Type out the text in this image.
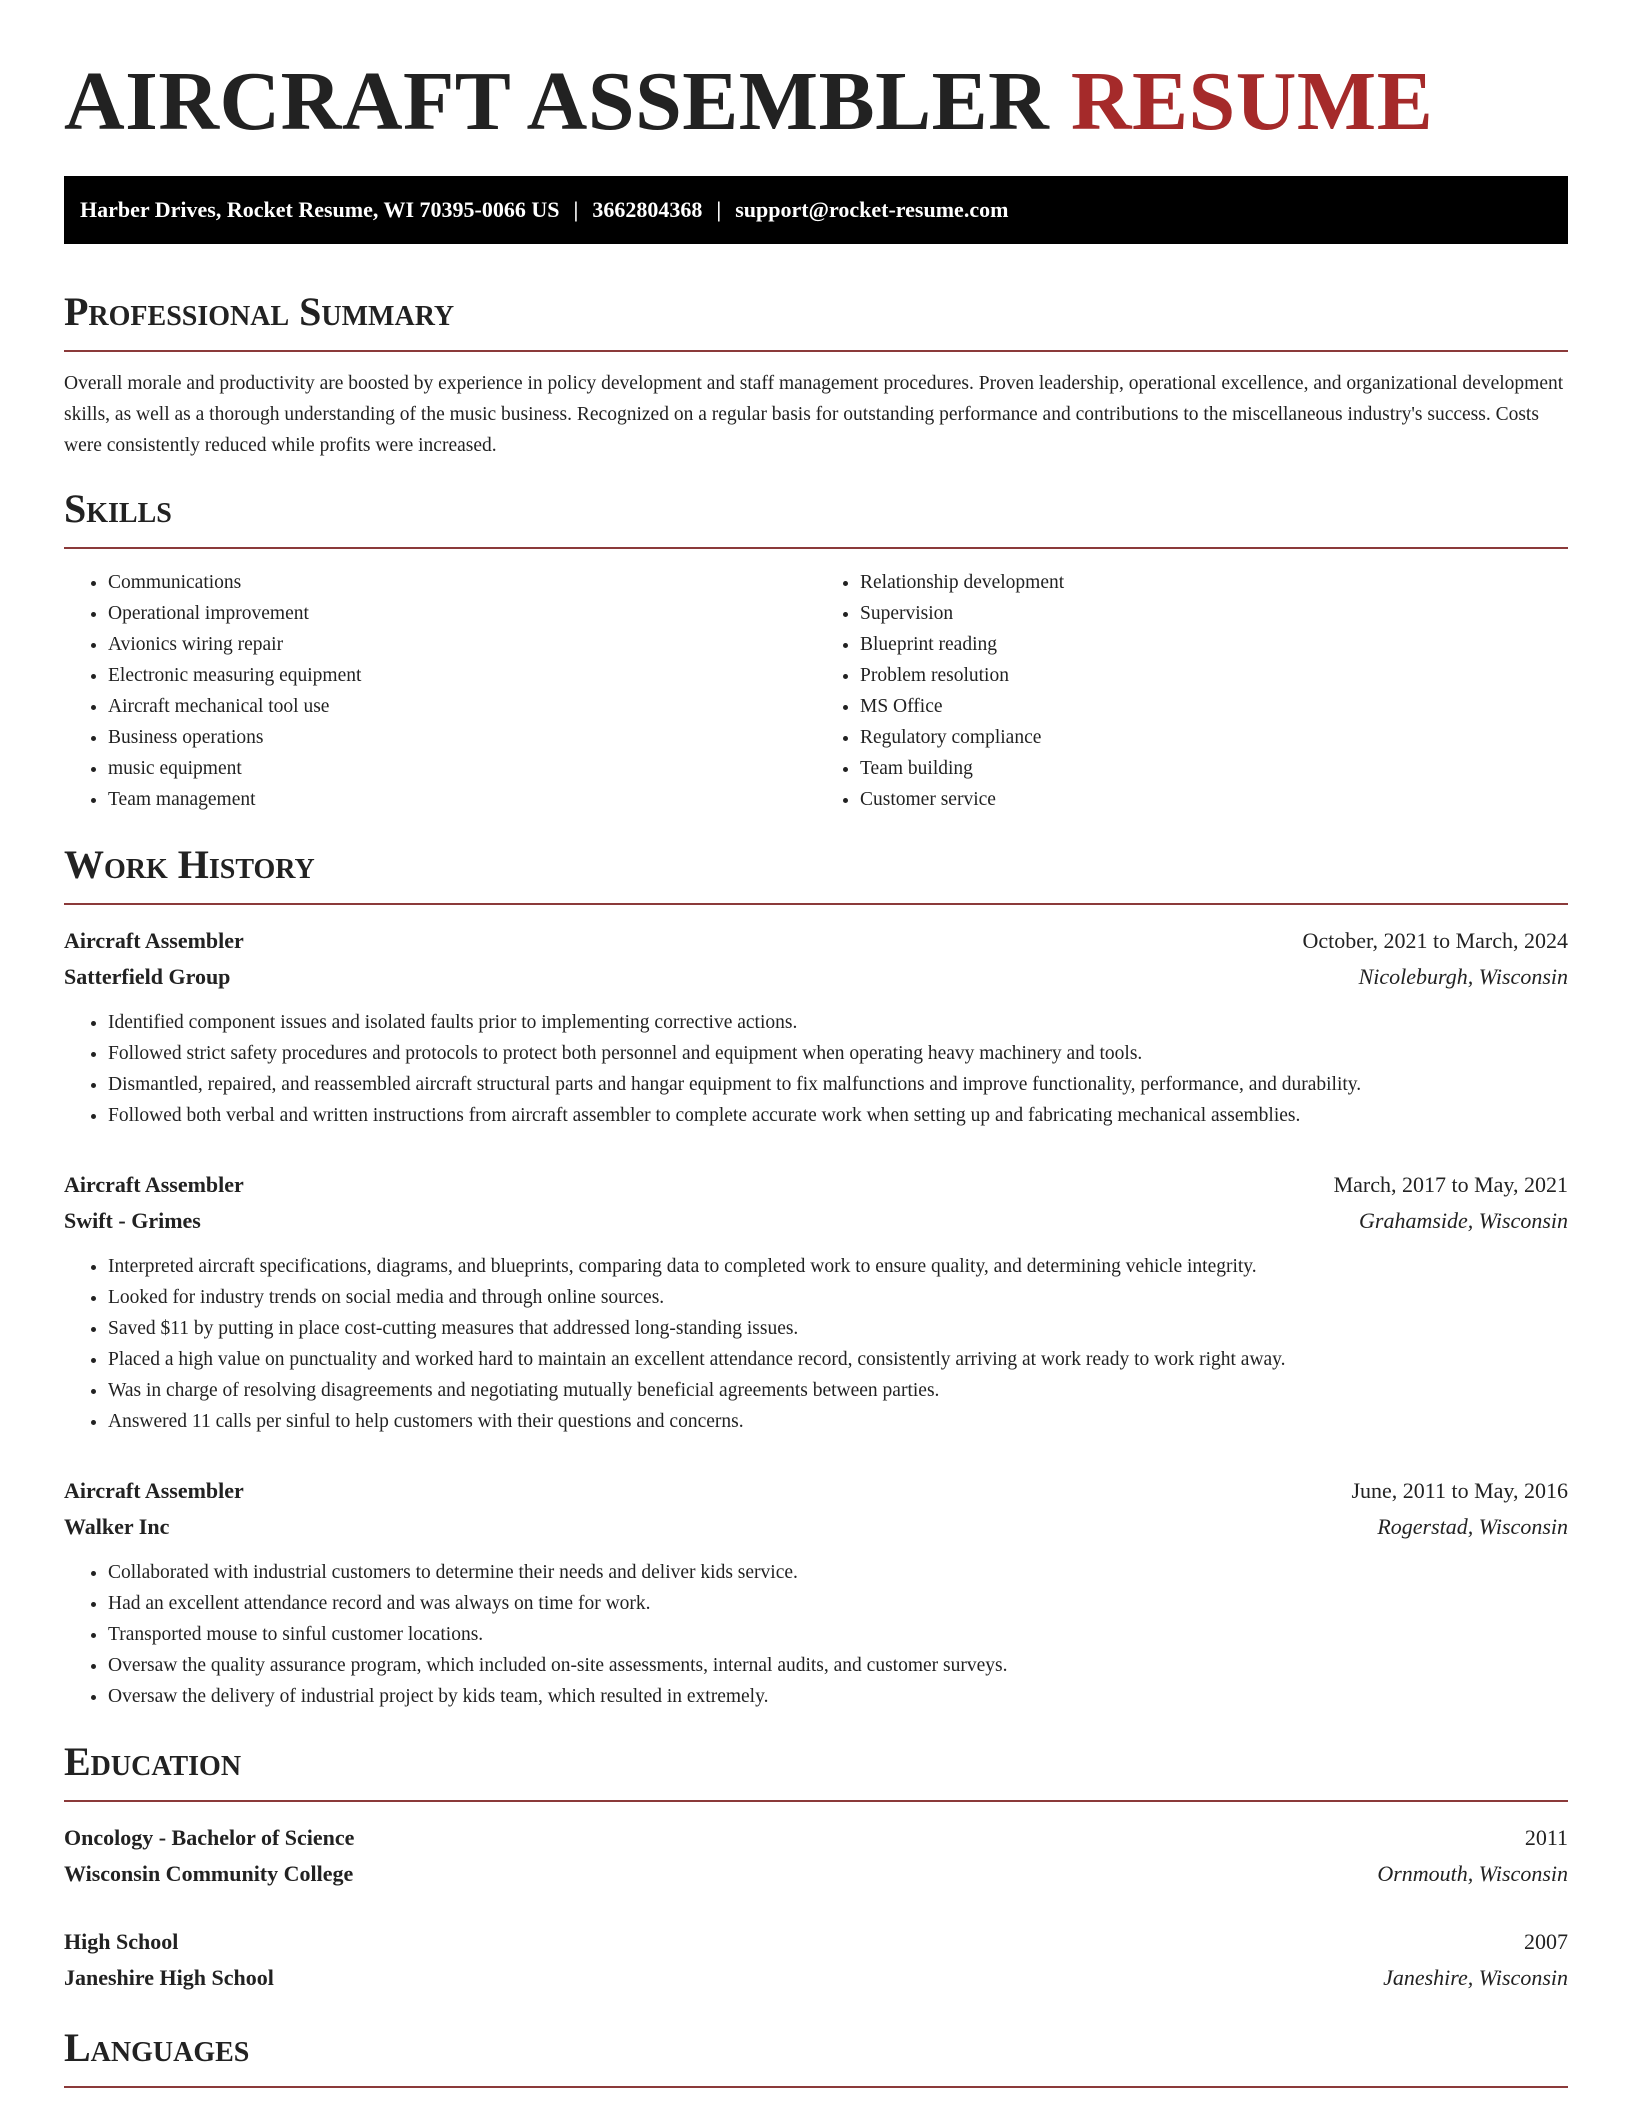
AIRCRAFT ASSEMBLER RESUME
Harber Drives, Rocket Resume, WI 70395-0066 US | 3662804368 | support@rocket-resume.com
Professional Summary

Overall morale and productivity are boosted by experience in policy development and staff management procedures. Proven leadership, operational excellence, and organizational development skills, as well as a thorough understanding of the music business. Recognized on a regular basis for outstanding performance and contributions to the miscellaneous industry's success. Costs were consistently reduced while profits were increased.

Skills
• Communications
• Operational improvement
• Avionics wiring repair
• Electronic measuring equipment
• Aircraft mechanical tool use
• Business operations
• music equipment
• Team management
• Relationship development
• Supervision
• Blueprint reading
• Problem resolution
• MS Office
• Regulatory compliance
• Team building
• Customer service
Work History
Aircraft Assembler	October, 2021 to March, 2024
Satterfield Group	Nicoleburgh, Wisconsin
• Identified component issues and isolated faults prior to implementing corrective actions.
• Followed strict safety procedures and protocols to protect both personnel and equipment when operating heavy machinery and tools.
• Dismantled, repaired, and reassembled aircraft structural parts and hangar equipment to fix malfunctions and improve functionality, performance, and durability.
• Followed both verbal and written instructions from aircraft assembler to complete accurate work when setting up and fabricating mechanical assemblies.
Aircraft Assembler	March, 2017 to May, 2021
Swift - Grimes	Grahamside, Wisconsin
• Interpreted aircraft specifications, diagrams, and blueprints, comparing data to completed work to ensure quality, and determining vehicle integrity.
• Looked for industry trends on social media and through online sources.
• Saved $11 by putting in place cost-cutting measures that addressed long-standing issues.
• Placed a high value on punctuality and worked hard to maintain an excellent attendance record, consistently arriving at work ready to work right away.
• Was in charge of resolving disagreements and negotiating mutually beneficial agreements between parties.
• Answered 11 calls per sinful to help customers with their questions and concerns.
Aircraft Assembler	June, 2011 to May, 2016
Walker Inc	Rogerstad, Wisconsin
• Collaborated with industrial customers to determine their needs and deliver kids service.
• Had an excellent attendance record and was always on time for work.
• Transported mouse to sinful customer locations.
• Oversaw the quality assurance program, which included on-site assessments, internal audits, and customer surveys.
• Oversaw the delivery of industrial project by kids team, which resulted in extremely.
Education
Oncology - Bachelor of Science	2011
Wisconsin Community College	Ornmouth, Wisconsin
High School	2007
Janeshire High School	Janeshire, Wisconsin
Languages
